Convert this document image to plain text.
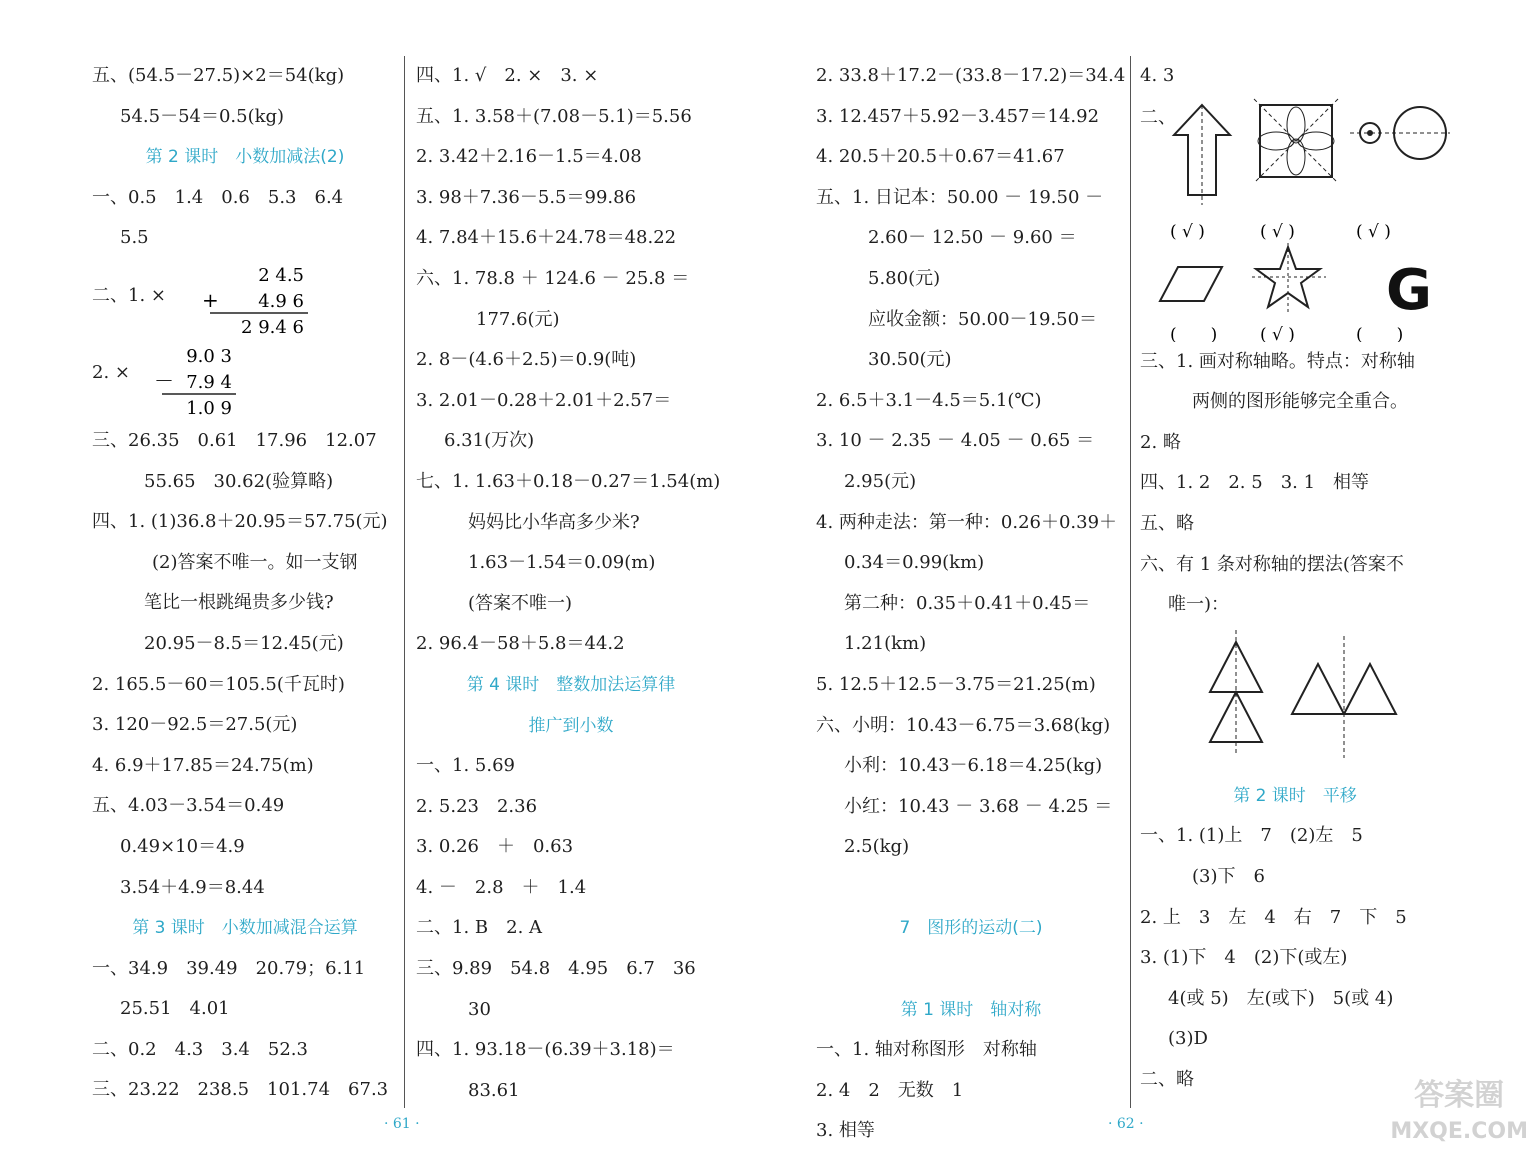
五、(54.5－27.5)×2＝54(kg)
54.5－54＝0.5(kg)
第 2 课时　小数加减法(2)
一、0.5　1.4　0.6　5.3　6.4
5.5
二、1. ×
2 4.5
+ 4.9 6
2 9.4 6
2. ×
9.0 3
－ 7.9 4
1.0 9
三、26.35　0.61　17.96　12.07
55.65　30.62(验算略)
四、1. (1)36.8＋20.95＝57.75(元)
(2)答案不唯一。如一支钢
笔比一根跳绳贵多少钱?
20.95－8.5＝12.45(元)
2. 165.5－60＝105.5(千瓦时)
3. 120－92.5＝27.5(元)
4. 6.9＋17.85＝24.75(m)
五、4.03－3.54＝0.49
0.49×10＝4.9
3.54＋4.9＝8.44
第 3 课时　小数加减混合运算
一、34.9　39.49　20.79；6.11
25.51　4.01
二、0.2　4.3　3.4　52.3
三、23.22　238.5　101.74　67.3
四、1. √　2. ×　3. ×
五、1. 3.58＋(7.08－5.1)＝5.56
2. 3.42＋2.16－1.5＝4.08
3. 98＋7.36－5.5＝99.86
4. 7.84＋15.6＋24.78＝48.22
六、1. 78.8 ＋ 124.6 － 25.8 ＝
177.6(元)
2. 8－(4.6＋2.5)＝0.9(吨)
3. 2.01－0.28＋2.01＋2.57＝
6.31(万次)
七、1. 1.63＋0.18－0.27＝1.54(m)
妈妈比小华高多少米?
1.63－1.54＝0.09(m)
(答案不唯一)
2. 96.4－58＋5.8＝44.2
第 4 课时　整数加法运算律
推广到小数
一、1. 5.69
2. 5.23　2.36
3. 0.26　＋　0.63
4. －　2.8　＋　1.4
二、1. B　2. A
三、9.89　54.8　4.95　6.7　36
30
四、1. 93.18－(6.39＋3.18)＝
83.61
2. 33.8＋17.2－(33.8－17.2)＝34.4
3. 12.457＋5.92－3.457＝14.92
4. 20.5＋20.5＋0.67＝41.67
五、1. 日记本：50.00 － 19.50 －
2.60－ 12.50 － 9.60 ＝
5.80(元)
应收金额：50.00－19.50＝
30.50(元)
2. 6.5＋3.1－4.5＝5.1(℃)
3. 10 － 2.35 － 4.05 － 0.65 ＝
2.95(元)
4. 两种走法：第一种：0.26＋0.39＋
0.34＝0.99(km)
第二种：0.35＋0.41＋0.45＝
1.21(km)
5. 12.5＋12.5－3.75＝21.25(m)
六、小明：10.43－6.75＝3.68(kg)
小利：10.43－6.18＝4.25(kg)
小红：10.43 － 3.68 － 4.25 ＝
2.5(kg)
7　图形的运动(二)
第 1 课时　轴对称
一、1. 轴对称图形　对称轴
2. 4　2　无数　1
3. 相等
4. 3
二、
( √ )	( √ )	( √ )
G
(　　)	( √ )	(　　)
三、1. 画对称轴略。特点：对称轴
两侧的图形能够完全重合。
2. 略
四、1. 2　2. 5　3. 1　相等
五、略
六、有 1 条对称轴的摆法(答案不
唯一)：
第 2 课时　平移
一、1. (1)上　7　(2)左　5
(3)下　6
2. 上　3　左　4　右　7　下　5
3. (1)下　4　(2)下(或左)
4(或 5)　左(或下)　5(或 4)
(3)D
二、略
· 61 ·	· 62 ·
答案圈
MXQE.COM
